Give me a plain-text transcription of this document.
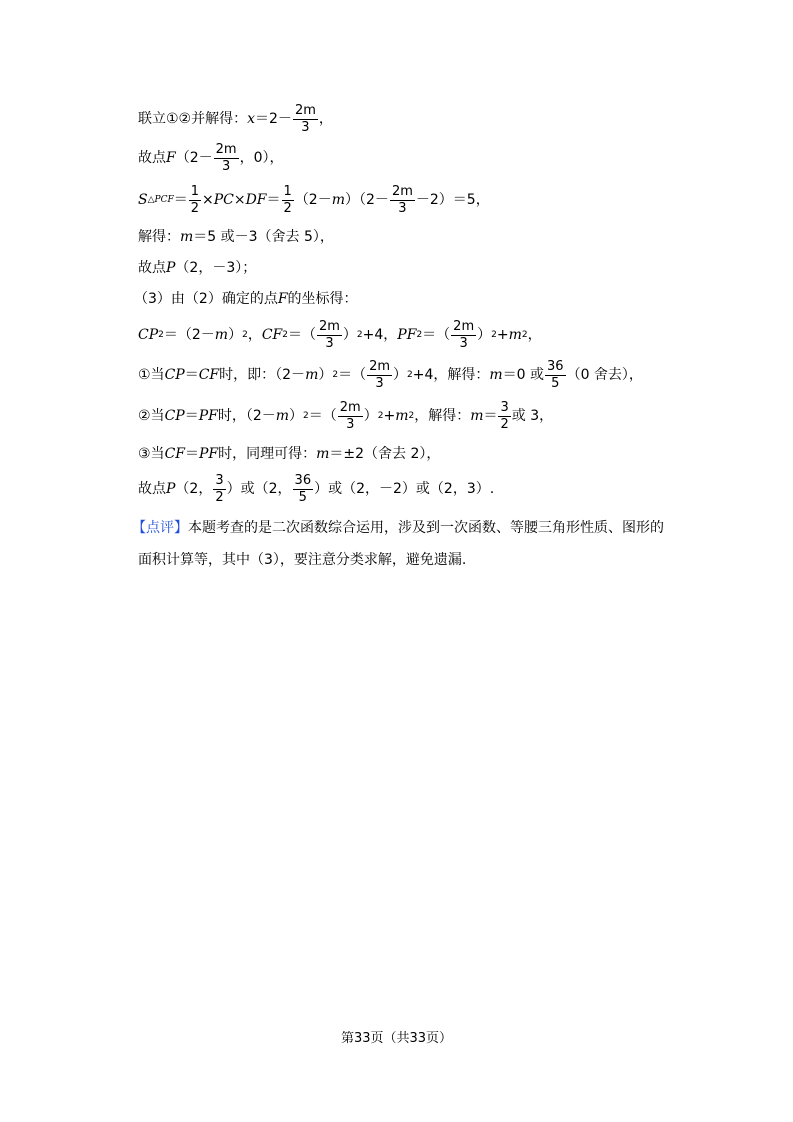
联立①②并解得： $x =2- \frac{2m}{3}$ ，
故点 F （$2- \frac{2m}{3}$ ，0），
S △PCF ＝ $\frac{1}{2} \times PC\times DF = \frac{1}{2} (2- m$ ）$(2- \frac{2m}{3} -2)=5$，
解得： m ＝5 或－3（舍去 5），
故点 P （2，－3）；
（3）由（2）确定的点 F 的坐标得：
CP 2 ＝（2－ m ） 2 ， CF 2 ＝（ $\frac{2m}{3}$ ） 2 +4， PF 2 ＝（ $\frac{2m}{3}$ ） 2 + m 2 ，
①当 CP ＝ CF 时，即：（2－ m ） 2 ＝（ $\frac{2m}{3}$ ） 2 +4，解得： m ＝0 或 $\frac{36}{5} (0$ 舍去），
②当 CP ＝ PF 时，（2－ m ） 2 ＝（ $\frac{2m}{3}$ ） 2 + m 2 ，解得： $m = \frac{3}{2}$ 或 3，
③当 CF ＝ PF 时，同理可得： m ＝±2（舍去 2），
故点 P （2， $\frac{3}{2}$ ）或（2， $\frac{36}{5}$ ）或（2，－2）或（2，3）.
【点评】 本题考查的是二次函数综合运用，涉及到一次函数、等腰三角形性质、图形的
面积计算等，其中（3），要注意分类求解，避免遗漏.
第33页（共33页）
